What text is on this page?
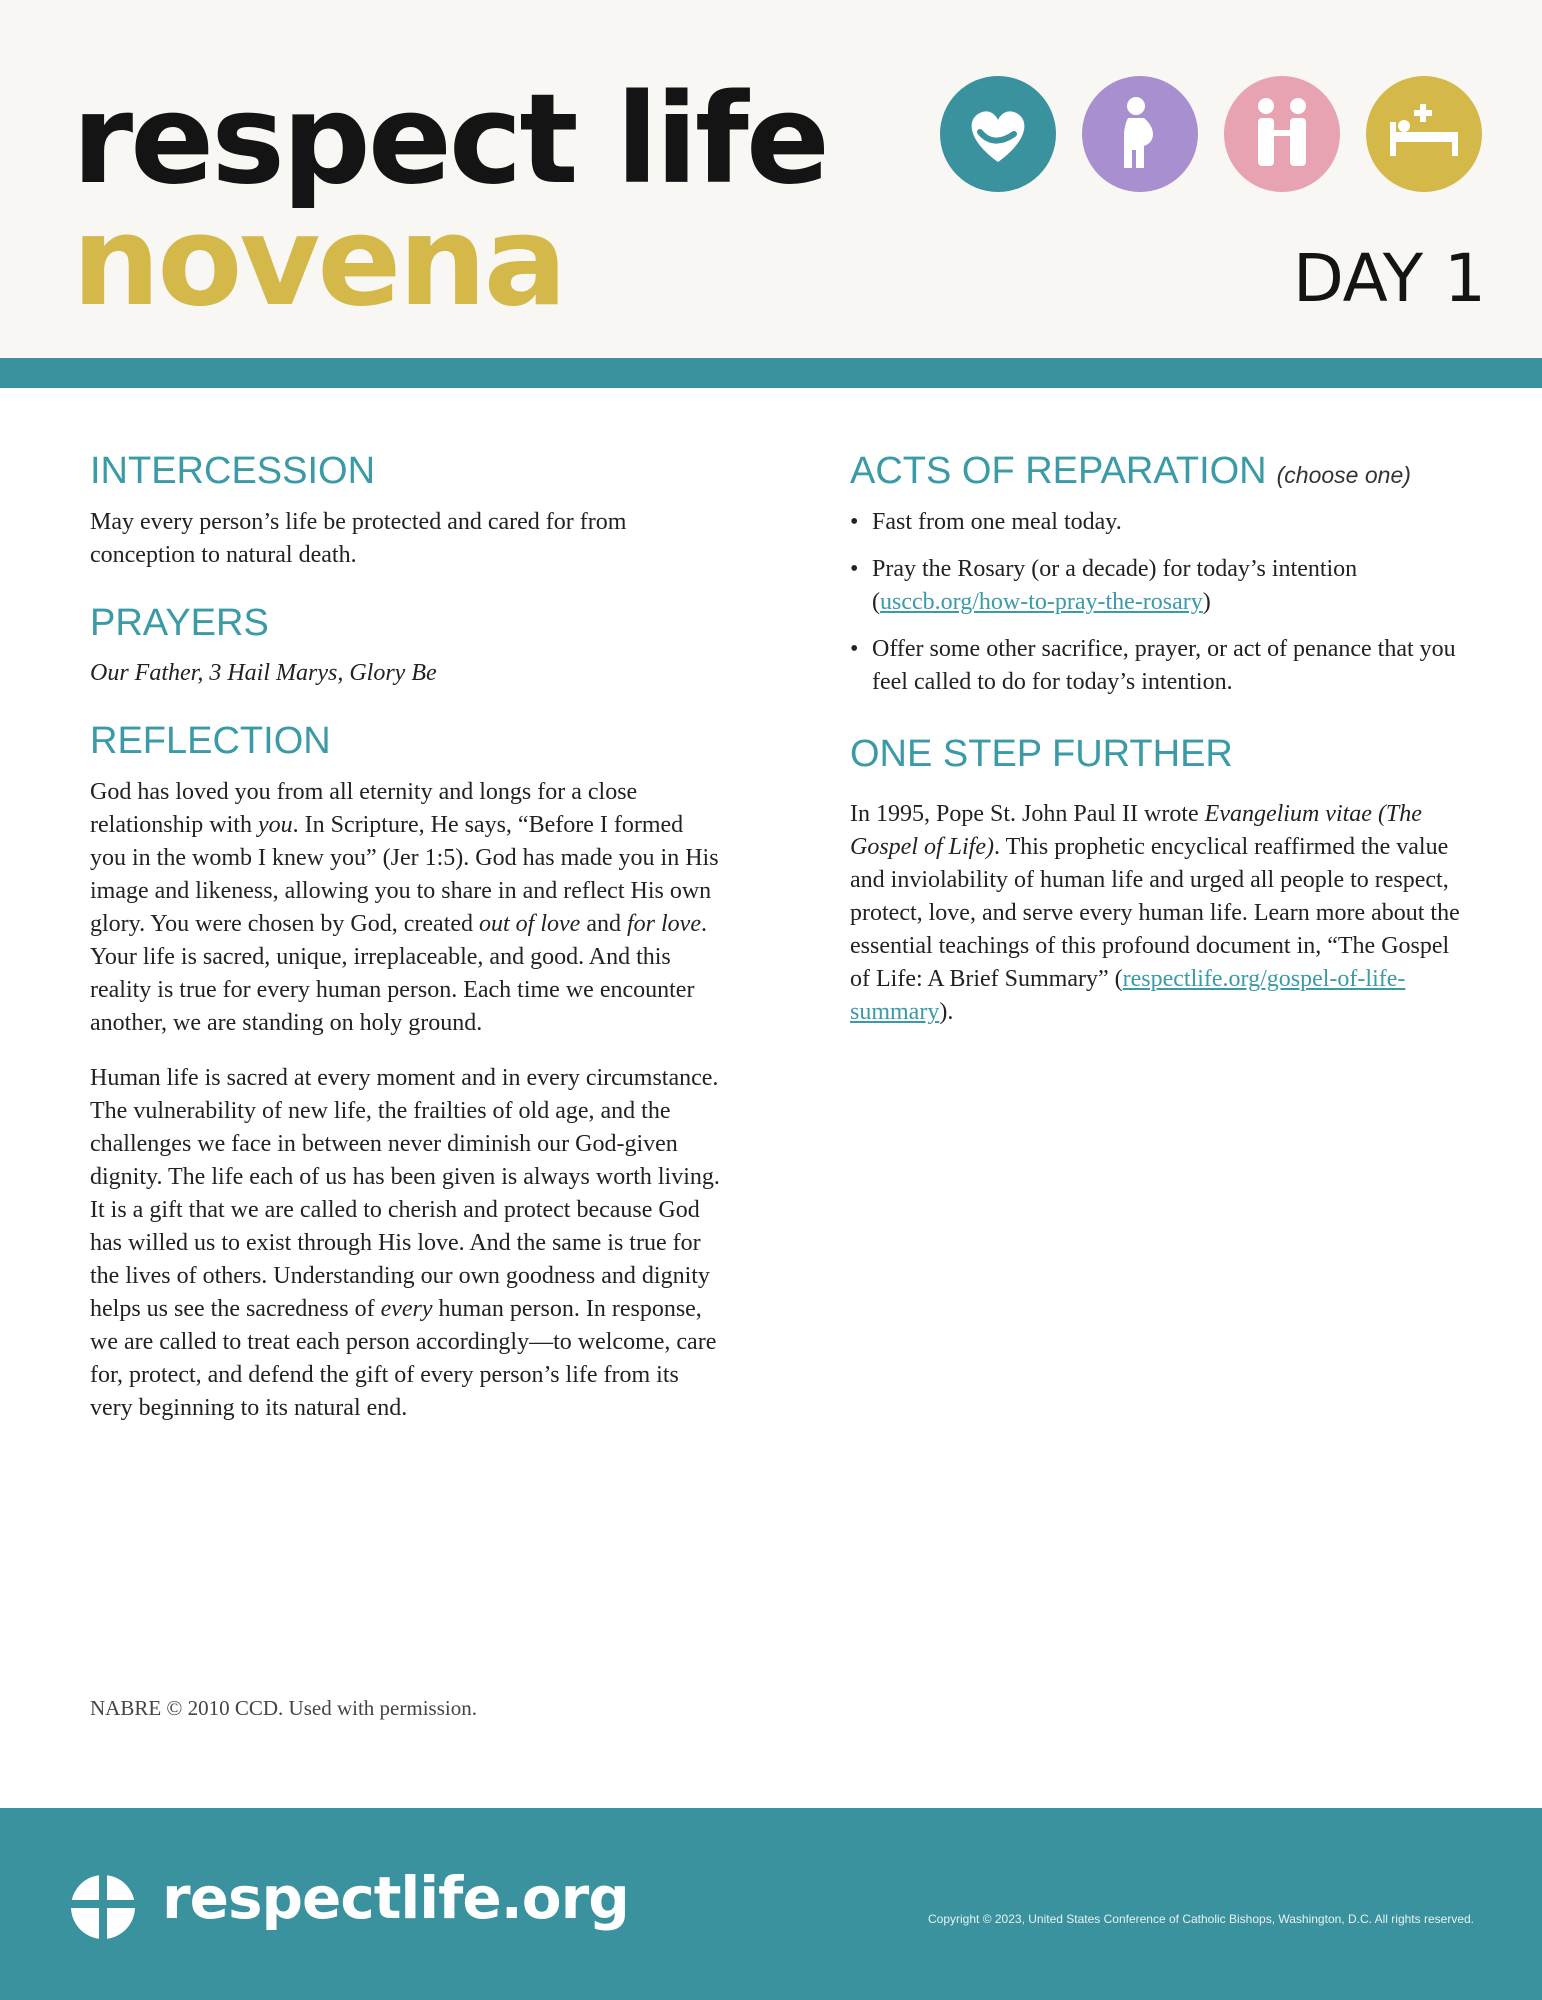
respect life
novena	DAY 1
INTERCESSION

May every person’s life be protected and cared for from conception to natural death.

PRAYERS

Our Father, 3 Hail Marys, Glory Be

REFLECTION

God has loved you from all eternity and longs for a close relationship with you. In Scripture, He says, “Before I formed you in the womb I knew you” (Jer 1:5). God has made you in His image and likeness, allowing you to share in and reflect His own glory. You were chosen by God, created out of love and for love. Your life is sacred, unique, irreplaceable, and good. And this reality is true for every human person. Each time we encounter another, we are standing on holy ground.

Human life is sacred at every moment and in every circumstance. The vulnerability of new life, the frailties of old age, and the challenges we face in between never diminish our God-given dignity. The life each of us has been given is always worth living. It is a gift that we are called to cherish and protect because God has willed us to exist through His love. And the same is true for the lives of others. Understanding our own goodness and dignity helps us see the sacredness of every human person. In response, we are called to treat each person accordingly—to welcome, care for, protect, and defend the gift of every person’s life from its very beginning to its natural end.

NABRE © 2010 CCD. Used with permission.
ACTS OF REPARATION (choose one)
• Fast from one meal today.
• Pray the Rosary (or a decade) for today’s intention (usccb.org/how-to-pray-the-rosary)
• Offer some other sacrifice, prayer, or act of penance that you feel called to do for today’s intention.
ONE STEP FURTHER

In 1995, Pope St. John Paul II wrote Evangelium vitae (The Gospel of Life). This prophetic encyclical reaffirmed the value and inviolability of human life and urged all people to respect, protect, love, and serve every human life. Learn more about the essential teachings of this profound document in, “The Gospel of Life: A Brief Summary” (respectlife.org/gospel-of-life-summary).

respectlife.org	Copyright © 2023, United States Conference of Catholic Bishops, Washington, D.C. All rights reserved.
